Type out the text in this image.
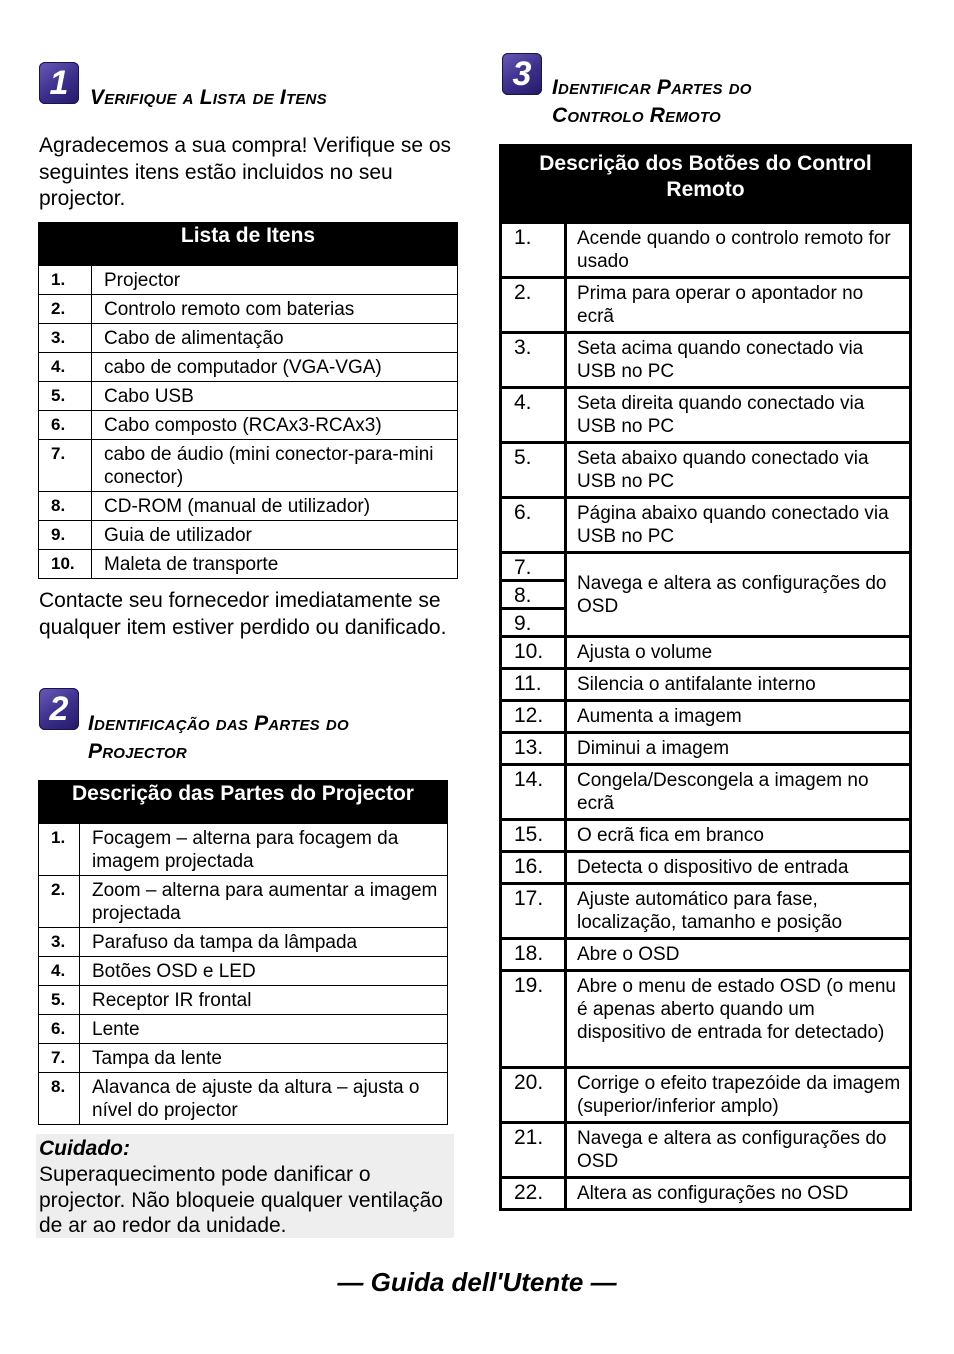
1	Verifique a Lista de Itens
Agradecemos a sua compra! Verifique se os seguintes itens estão incluidos no seu projector.
Lista de Itens	
1.	Projector
2.	Controlo remoto com baterias
3.	Cabo de alimentação
4.	cabo de computador (VGA-VGA)
5.	Cabo USB
6.	Cabo composto (RCAx3-RCAx3)
7.	cabo de áudio (mini conector-para-mini conector)
8.	CD-ROM (manual de utilizador)
9.	Guia de utilizador
10.	Maleta de transporte
Contacte seu fornecedor imediatamente se qualquer item estiver perdido ou danificado.
2 Identificação das Partes do
Projector
Descrição das Partes do Projector	
1.	Focagem – alterna para focagem da imagem projectada
2.	Zoom – alterna para aumentar a imagem projectada
3.	Parafuso da tampa da lâmpada
4.	Botões OSD e LED
5.	Receptor IR frontal
6.	Lente
7.	Tampa da lente
8.	Alavanca de ajuste da altura – ajusta o nível do projector
Cuidado:
Superaquecimento pode danificar o projector. Não bloqueie qualquer ventilação de ar ao redor da unidade.
3 Identificar Partes do
Controlo Remoto
Descrição dos Botões do Control Remoto	
1.	Acende quando o controlo remoto for usado
2.	Prima para operar o apontador no ecrã
3.	Seta acima quando conectado via USB no PC
4.	Seta direita quando conectado via USB no PC
5.	Seta abaixo quando conectado via USB no PC
6.	Página abaixo quando conectado via USB no PC
7.	Navega e altera as configurações do OSD
8.	
9.	
10.	Ajusta o volume
11.	Silencia o antifalante interno
12.	Aumenta a imagem
13.	Diminui a imagem
14.	Congela/Descongela a imagem no ecrã
15.	O ecrã fica em branco
16.	Detecta o dispositivo de entrada
17.	Ajuste automático para fase, localização, tamanho e posição
18.	Abre o OSD
19.	Abre o menu de estado OSD (o menu é apenas aberto quando um dispositivo de entrada for detectado)
20.	Corrige o efeito trapezóide da imagem (superior/inferior amplo)
21.	Navega e altera as configurações do OSD
22.	Altera as configurações no OSD
— Guida dell'Utente —
